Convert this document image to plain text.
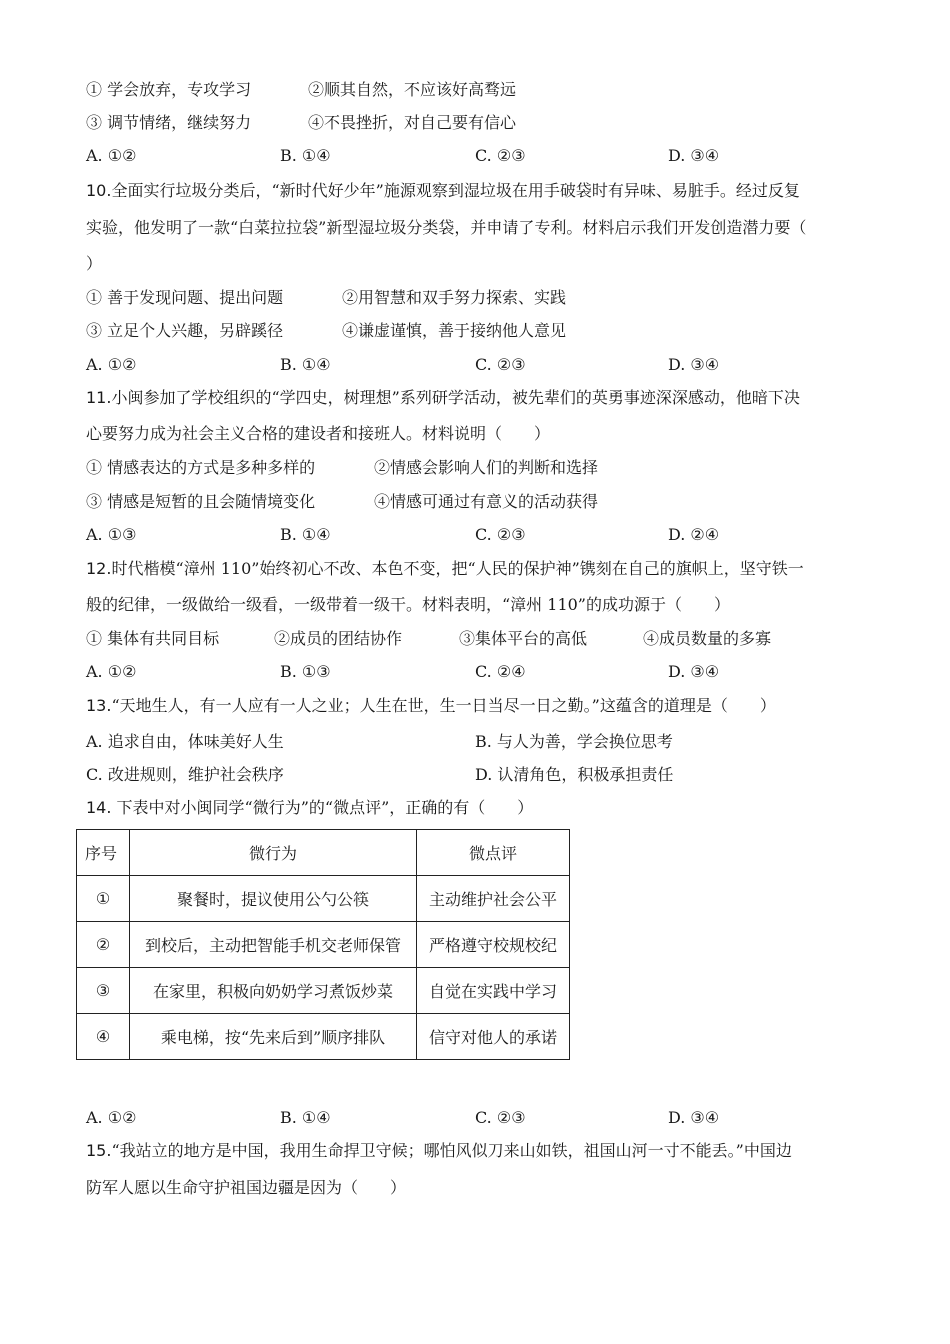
① 学会放弃，专攻学习	②顺其自然，不应该好高骛远
③ 调节情绪，继续努力	④不畏挫折，对自己要有信心
A. ①②	B. ①④	C. ②③	D. ③④
10.全面实行垃圾分类后，“新时代好少年”施源观察到湿垃圾在用手破袋时有异味、易脏手。经过反复
实验，他发明了一款“白菜拉拉袋”新型湿垃圾分类袋，并申请了专利。材料启示我们开发创造潜力要（
）
① 善于发现问题、提出问题	②用智慧和双手努力探索、实践
③ 立足个人兴趣，另辟蹊径	④谦虚谨慎，善于接纳他人意见
A. ①②	B. ①④	C. ②③	D. ③④
11.小闽参加了学校组织的“学四史，树理想”系列研学活动，被先辈们的英勇事迹深深感动，他暗下决
心要努力成为社会主义合格的建设者和接班人。材料说明（　　）
① 情感表达的方式是多种多样的	②情感会影响人们的判断和选择
③ 情感是短暂的且会随情境变化	④情感可通过有意义的活动获得
A. ①③	B. ①④	C. ②③	D. ②④
12.时代楷模“漳州 110”始终初心不改、本色不变，把“人民的保护神”镌刻在自己的旗帜上，坚守铁一
般的纪律，一级做给一级看，一级带着一级干。材料表明，“漳州 110”的成功源于（　　）
① 集体有共同目标	②成员的团结协作	③集体平台的高低	④成员数量的多寡
A. ①②	B. ①③	C. ②④	D. ③④
13.“天地生人，有一人应有一人之业；人生在世，生一日当尽一日之勤。”这蕴含的道理是（　　）
A. 追求自由，体味美好人生	B. 与人为善，学会换位思考
C. 改进规则，维护社会秩序	D. 认清角色，积极承担责任
14. 下表中对小闽同学“微行为”的“微点评”，正确的有（　　）
序号	微行为	微点评
①	聚餐时，提议使用公勺公筷	主动维护社会公平
②	到校后，主动把智能手机交老师保管	严格遵守校规校纪
③	在家里，积极向奶奶学习煮饭炒菜	自觉在实践中学习
④	乘电梯，按“先来后到”顺序排队	信守对他人的承诺
A. ①②	B. ①④	C. ②③	D. ③④
15.“我站立的地方是中国，我用生命捍卫守候；哪怕风似刀来山如铁，祖国山河一寸不能丢。”中国边
防军人愿以生命守护祖国边疆是因为（　　）
